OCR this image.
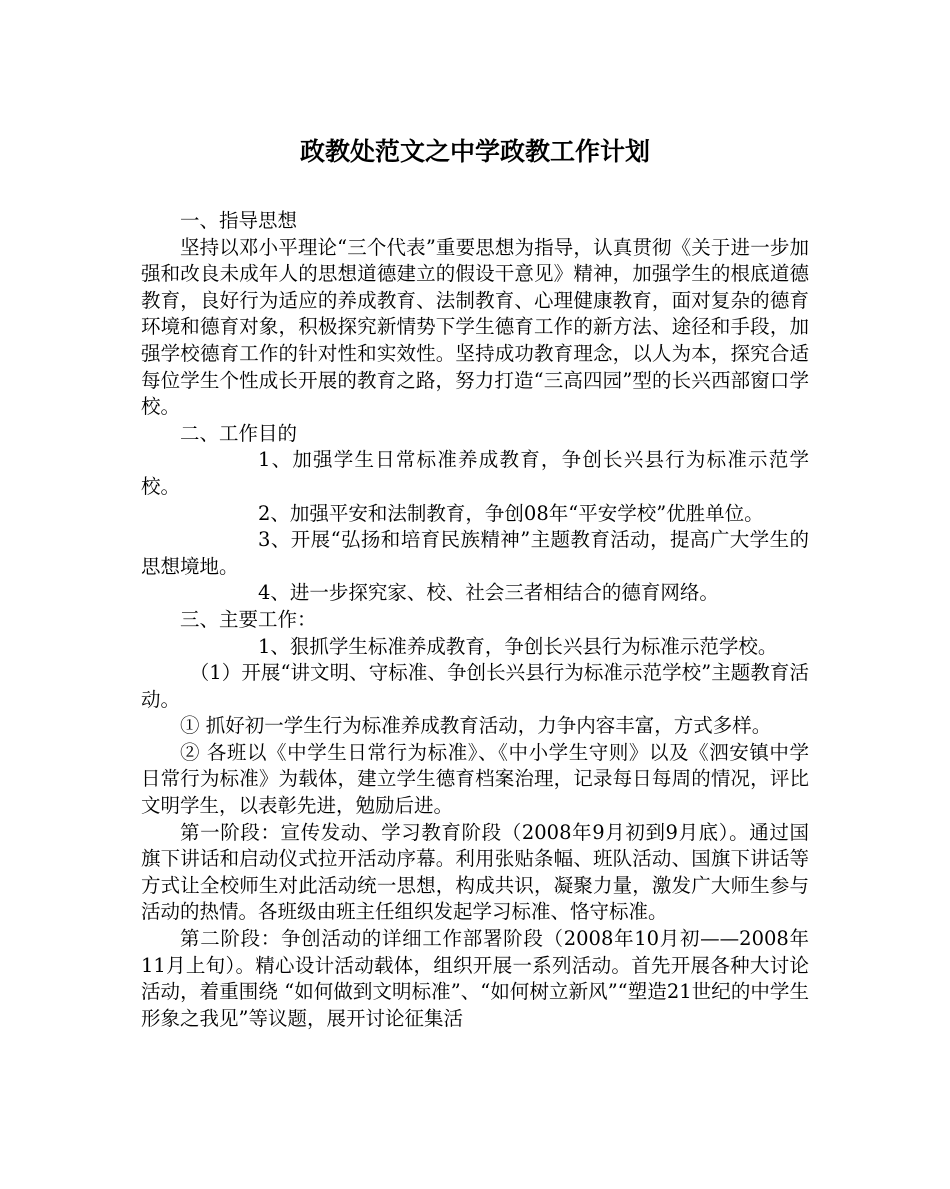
政教处范文之中学政教工作计划

一、指导思想

坚持以邓小平理论“三个代表”重要思想为指导，认真贯彻《关于进一步加强和改良未成年人的思想道德建立的假设干意见》精神，加强学生的根底道德教育，良好行为适应的养成教育、法制教育、心理健康教育，面对复杂的德育环境和德育对象，积极探究新情势下学生德育工作的新方法、途径和手段，加强学校德育工作的针对性和实效性。坚持成功教育理念，以人为本，探究合适每位学生个性成长开展的教育之路，努力打造“三高四园”型的长兴西部窗口学校。

二、工作目的

1、加强学生日常标准养成教育，争创长兴县行为标准示范学校。

2、加强平安和法制教育，争创08年“平安学校”优胜单位。

3、开展“弘扬和培育民族精神”主题教育活动，提高广大学生的思想境地。

4、进一步探究家、校、社会三者相结合的德育网络。

三、主要工作：

1、狠抓学生标准养成教育，争创长兴县行为标准示范学校。

（1）开展“讲文明、守标准、争创长兴县行为标准示范学校”主题教育活动。

① 抓好初一学生行为标准养成教育活动，力争内容丰富，方式多样。

② 各班以《中学生日常行为标准》、《中小学生守则》以及《泗安镇中学日常行为标准》为载体，建立学生德育档案治理，记录每日每周的情况，评比文明学生，以表彰先进，勉励后进。

第一阶段：宣传发动、学习教育阶段（2008年9月初到9月底）。通过国旗下讲话和启动仪式拉开活动序幕。利用张贴条幅、班队活动、国旗下讲话等方式让全校师生对此活动统一思想，构成共识，凝聚力量，激发广大师生参与活动的热情。各班级由班主任组织发起学习标准、恪守标准。

第二阶段：争创活动的详细工作部署阶段（2008年10月初——2008年11月上旬）。精心设计活动载体，组织开展一系列活动。首先开展各种大讨论活动，着重围绕 “如何做到文明标准”、“如何树立新风”“塑造21世纪的中学生形象之我见”等议题，展开讨论征集活
